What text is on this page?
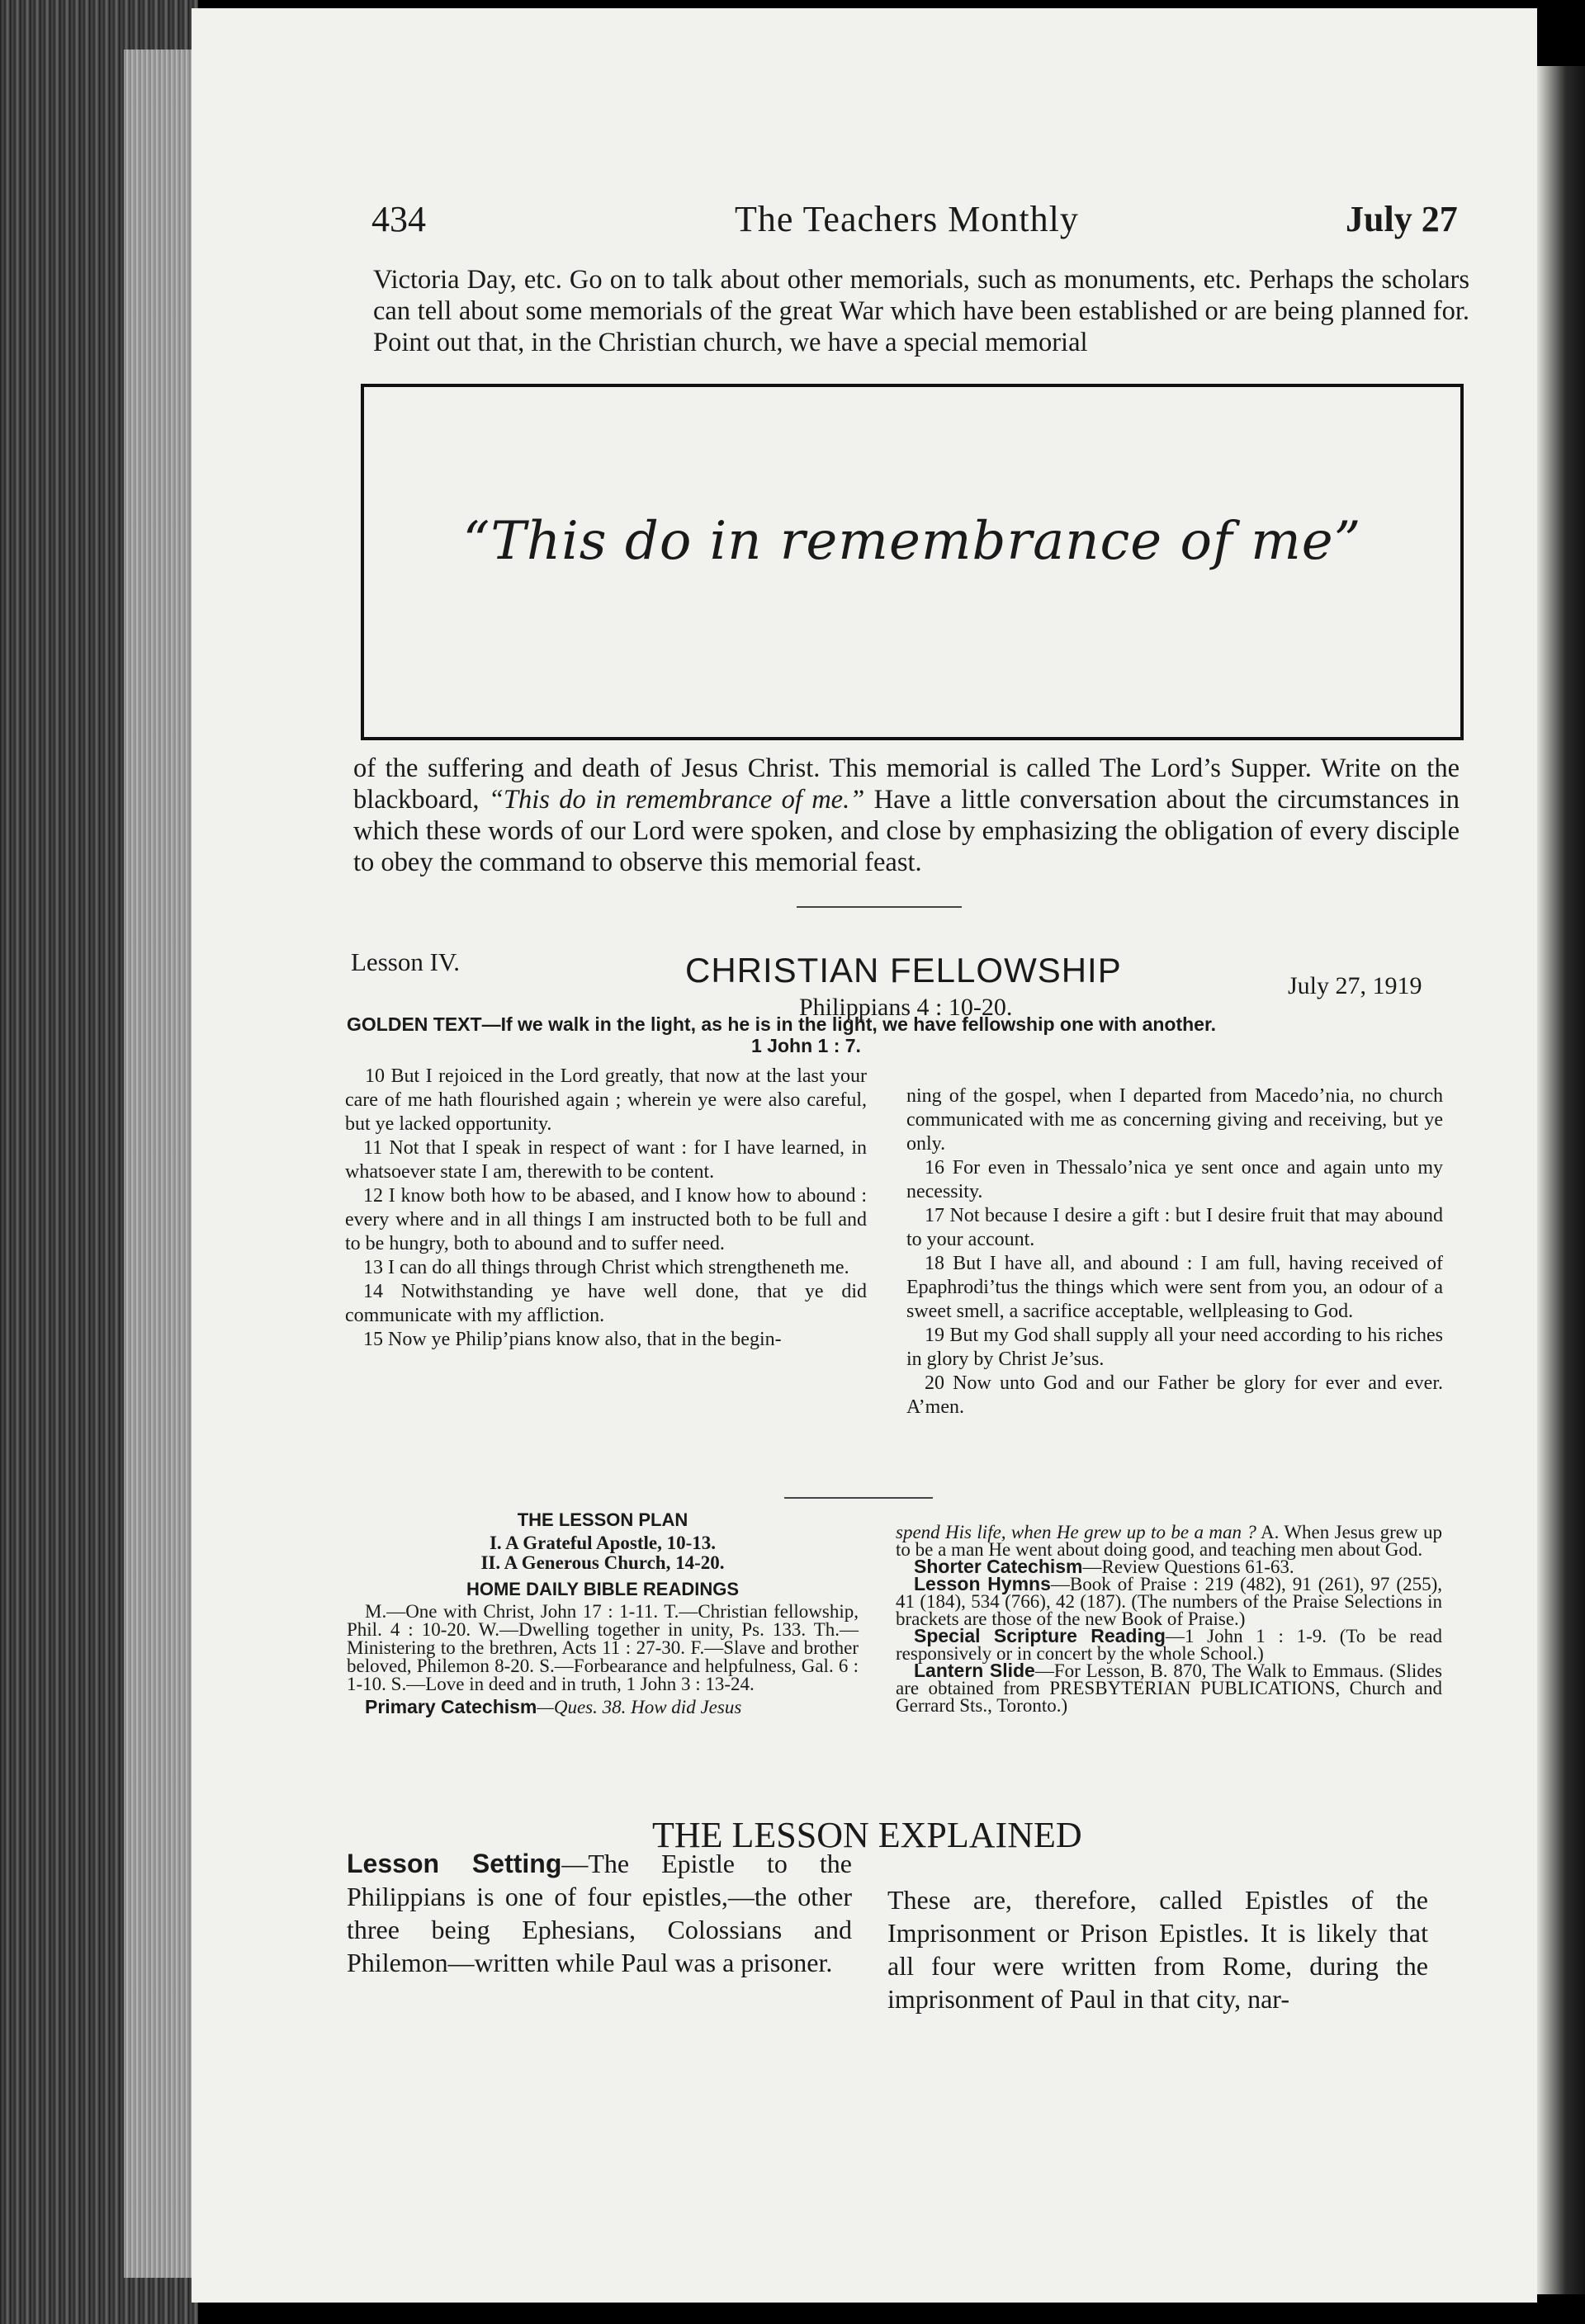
434	The Teachers Monthly	July 27

Victoria Day, etc. Go on to talk about other memorials, such as monuments, etc. Perhaps the scholars can tell about some memorials of the great War which have been established or are being planned for. Point out that, in the Christian church, we have a special memorial

“This do in remembrance of me”

of the suffering and death of Jesus Christ. This memorial is called The Lord’s Supper. Write on the blackboard, “This do in remembrance of me.” Have a little conversation about the circumstances in which these words of our Lord were spoken, and close by emphasizing the obligation of every disciple to obey the command to observe this memorial feast.

Lesson IV.	CHRISTIAN FELLOWSHIP	July 27, 1919
Philippians 4 : 10-20.
GOLDEN TEXT—If we walk in the light, as he is in the light, we have fellowship one with another.
1 John 1 : 7.

10 But I rejoiced in the Lord greatly, that now at the last your care of me hath flourished again ; wherein ye were also careful, but ye lacked opportunity.

11 Not that I speak in respect of want : for I have learned, in whatsoever state I am, therewith to be content.

12 I know both how to be abased, and I know how to abound : every where and in all things I am instructed both to be full and to be hungry, both to abound and to suffer need.

13 I can do all things through Christ which strengtheneth me.

14 Notwithstanding ye have well done, that ye did communicate with my affliction.

15 Now ye Philip’pians know also, that in the begin-

ning of the gospel, when I departed from Macedo’nia, no church communicated with me as concerning giving and receiving, but ye only.

16 For even in Thessalo’nica ye sent once and again unto my necessity.

17 Not because I desire a gift : but I desire fruit that may abound to your account.

18 But I have all, and abound : I am full, having received of Epaphrodi’tus the things which were sent from you, an odour of a sweet smell, a sacrifice acceptable, wellpleasing to God.

19 But my God shall supply all your need according to his riches in glory by Christ Je’sus.

20 Now unto God and our Father be glory for ever and ever. A’men.

THE LESSON PLAN
I. A Grateful Apostle, 10-13.
II. A Generous Church, 14-20.
HOME DAILY BIBLE READINGS
M.—One with Christ, John 17 : 1-11. T.—Christian fellowship, Phil. 4 : 10-20. W.—Dwelling together in unity, Ps. 133. Th.—Ministering to the brethren, Acts 11 : 27-30. F.—Slave and brother beloved, Philemon 8-20. S.—Forbearance and helpfulness, Gal. 6 : 1-10. S.—Love in deed and in truth, 1 John 3 : 13-24.
Primary Catechism—Ques. 38. How did Jesus
spend His life, when He grew up to be a man ? A. When Jesus grew up to be a man He went about doing good, and teaching men about God.
Shorter Catechism—Review Questions 61-63.
Lesson Hymns—Book of Praise : 219 (482), 91 (261), 97 (255), 41 (184), 534 (766), 42 (187). (The numbers of the Praise Selections in brackets are those of the new Book of Praise.)
Special Scripture Reading—1 John 1 : 1-9. (To be read responsively or in concert by the whole School.)
Lantern Slide—For Lesson, B. 870, The Walk to Emmaus. (Slides are obtained from PRESBYTERIAN PUBLICATIONS, Church and Gerrard Sts., Toronto.)
THE LESSON EXPLAINED

Lesson Setting—The Epistle to the Philippians is one of four epistles,—the other three being Ephesians, Colossians and Philemon—written while Paul was a prisoner.

These are, therefore, called Epistles of the Imprisonment or Prison Epistles. It is likely that all four were written from Rome, during the imprisonment of Paul in that city, nar-
